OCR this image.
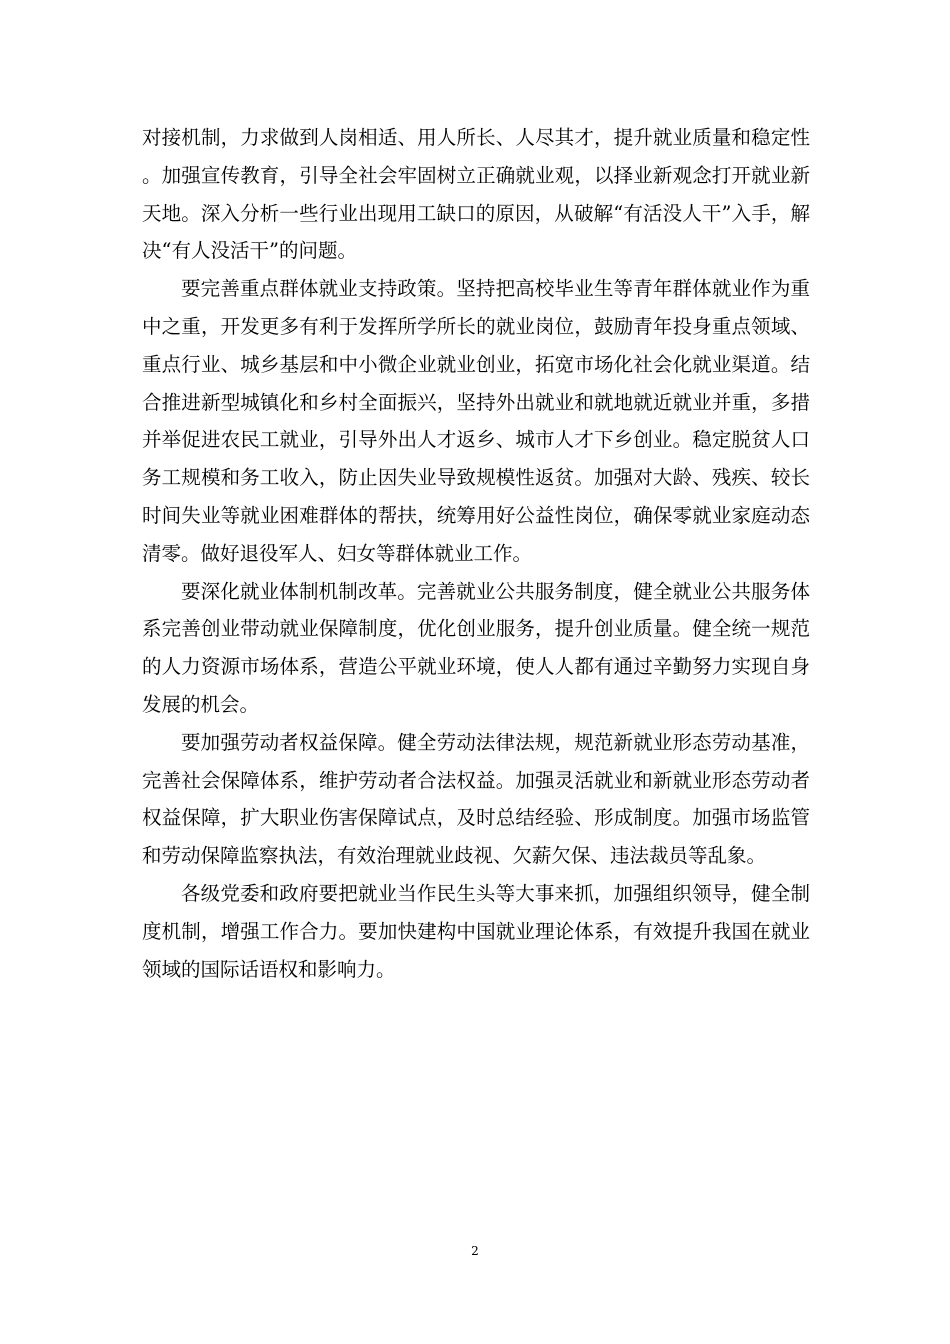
对接机制，力求做到人岗相适、用人所长、人尽其才，提升就业质量和稳定性。加强宣传教育，引导全社会牢固树立正确就业观，以择业新观念打开就业新天地。深入分析一些行业出现用工缺口的原因，从破解“有活没人干”入手，解决“有人没活干”的问题。

要完善重点群体就业支持政策。坚持把高校毕业生等青年群体就业作为重中之重，开发更多有利于发挥所学所长的就业岗位，鼓励青年投身重点领域、重点行业、城乡基层和中小微企业就业创业，拓宽市场化社会化就业渠道。结合推进新型城镇化和乡村全面振兴，坚持外出就业和就地就近就业并重，多措并举促进农民工就业，引导外出人才返乡、城市人才下乡创业。稳定脱贫人口务工规模和务工收入，防止因失业导致规模性返贫。加强对大龄、残疾、较长时间失业等就业困难群体的帮扶，统筹用好公益性岗位，确保零就业家庭动态清零。做好退役军人、妇女等群体就业工作。

要深化就业体制机制改革。完善就业公共服务制度，健全就业公共服务体系完善创业带动就业保障制度，优化创业服务，提升创业质量。健全统一规范的人力资源市场体系，营造公平就业环境，使人人都有通过辛勤努力实现自身发展的机会。

要加强劳动者权益保障。健全劳动法律法规，规范新就业形态劳动基准，完善社会保障体系，维护劳动者合法权益。加强灵活就业和新就业形态劳动者权益保障，扩大职业伤害保障试点，及时总结经验、形成制度。加强市场监管和劳动保障监察执法，有效治理就业歧视、欠薪欠保、违法裁员等乱象。

各级党委和政府要把就业当作民生头等大事来抓，加强组织领导，健全制度机制，增强工作合力。要加快建构中国就业理论体系，有效提升我国在就业领域的国际话语权和影响力。

2
